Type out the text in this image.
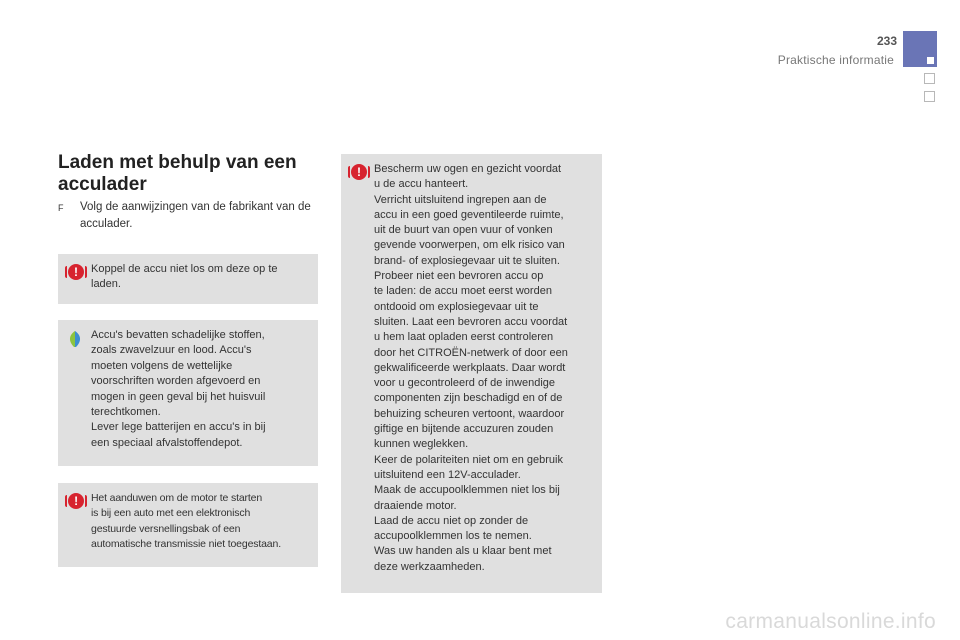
233
Praktische informatie
Laden met behulp van een acculader
F	Volg de aanwijzingen van de fabrikant van de acculader.
!	Koppel de accu niet los om deze op te
laden.
Accu's bevatten schadelijke stoffen,
zoals zwavelzuur en lood. Accu's
moeten volgens de wettelijke
voorschriften worden afgevoerd en
mogen in geen geval bij het huisvuil
terechtkomen.
Lever lege batterijen en accu's in bij
een speciaal afvalstoffendepot.
!	Het aanduwen om de motor te starten
is bij een auto met een elektronisch
gestuurde versnellingsbak of een
automatische transmissie niet toegestaan.
!	Bescherm uw ogen en gezicht voordat
u de accu hanteert.
Verricht uitsluitend ingrepen aan de
accu in een goed geventileerde ruimte,
uit de buurt van open vuur of vonken
gevende voorwerpen, om elk risico van
brand- of explosiegevaar uit te sluiten.
Probeer niet een bevroren accu op
te laden: de accu moet eerst worden
ontdooid om explosiegevaar uit te
sluiten. Laat een bevroren accu voordat
u hem laat opladen eerst controleren
door het CITROËN-netwerk of door een
gekwalificeerde werkplaats. Daar wordt
voor u gecontroleerd of de inwendige
componenten zijn beschadigd en of de
behuizing scheuren vertoont, waardoor
giftige en bijtende accuzuren zouden
kunnen weglekken.
Keer de polariteiten niet om en gebruik
uitsluitend een 12V-acculader.
Maak de accupoolklemmen niet los bij
draaiende motor.
Laad de accu niet op zonder de
accupoolklemmen los te nemen.
Was uw handen als u klaar bent met
deze werkzaamheden.
carmanualsonline.info
